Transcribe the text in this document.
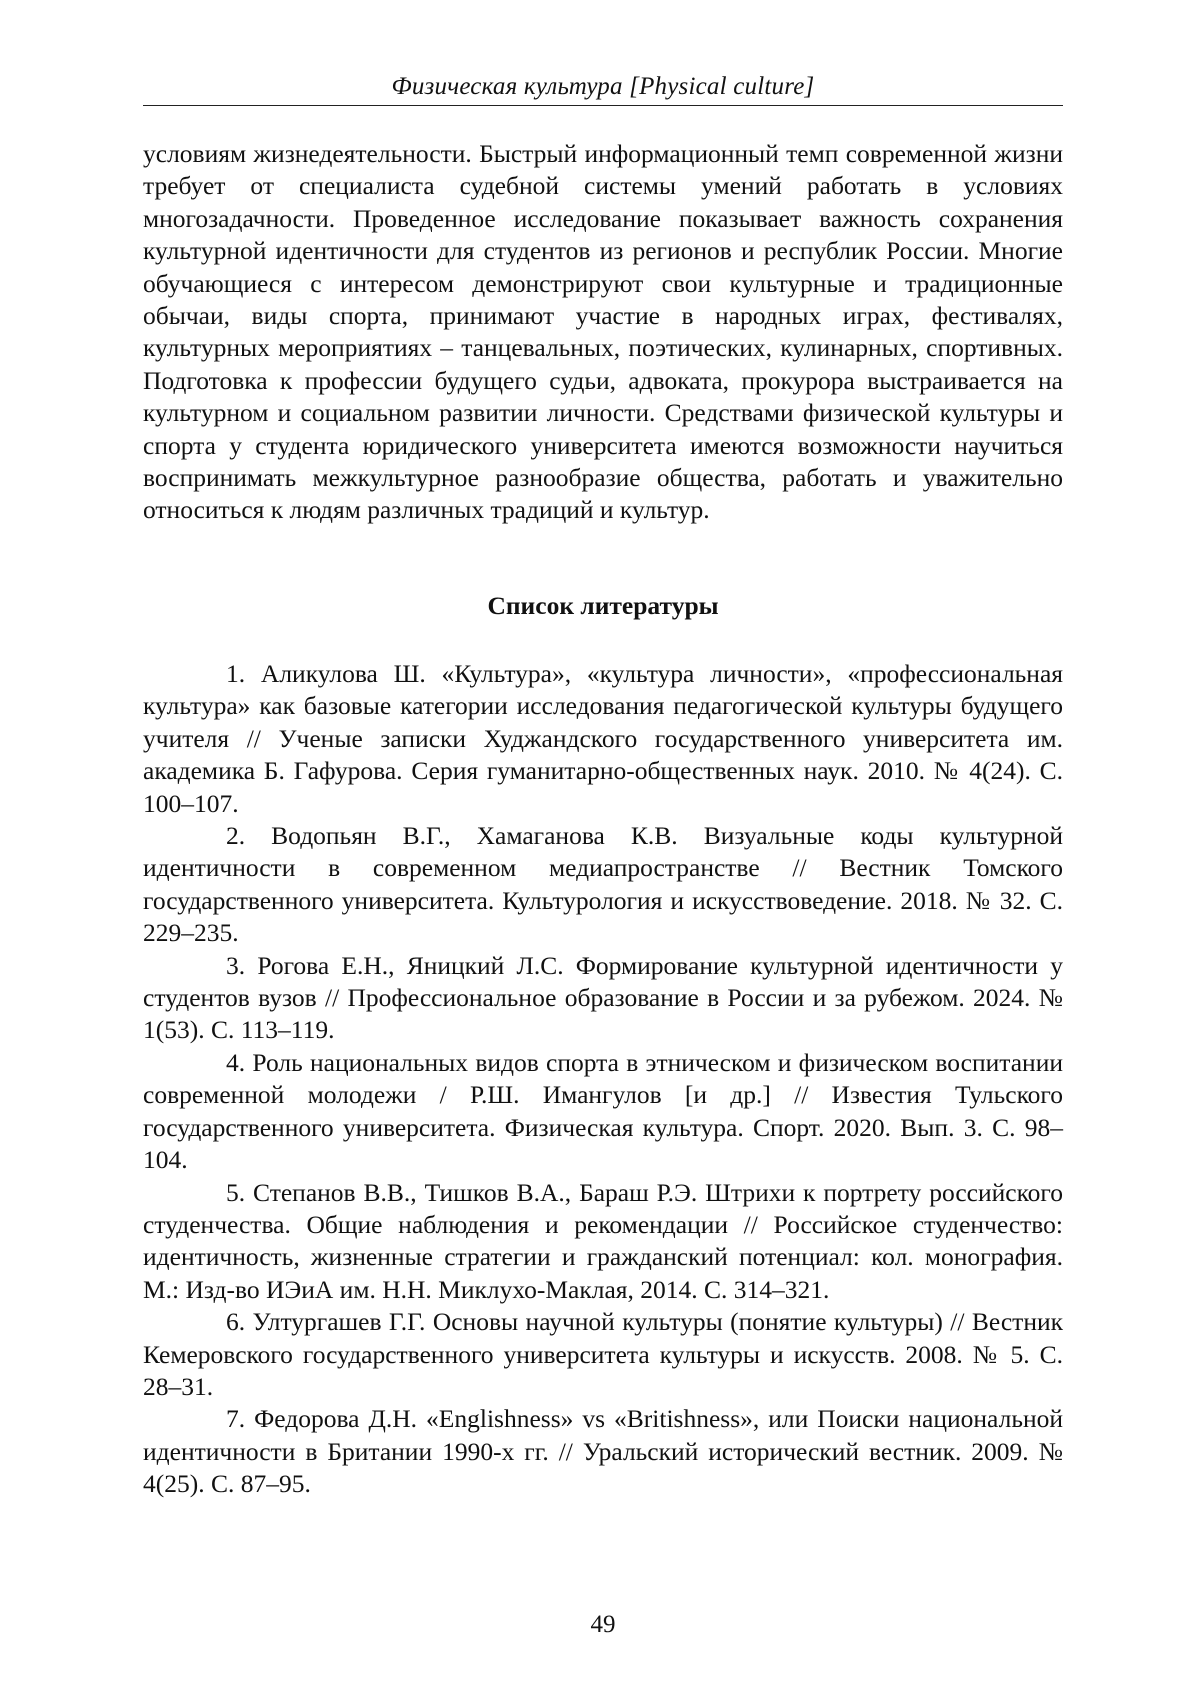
Физическая культура [Physical culture]

условиям жизнедеятельности. Быстрый информационный темп современной жизни требует от специалиста судебной системы умений работать в условиях многозадачности. Проведенное исследование показывает важность сохранения культурной идентичности для студентов из регионов и республик России. Многие обучающиеся с интересом демонстрируют свои культурные и традиционные обычаи, виды спорта, принимают участие в народных играх, фестивалях, культурных мероприятиях – танцевальных, поэтических, кулинарных, спортивных. Подготовка к профессии будущего судьи, адвоката, прокурора выстраивается на культурном и социальном развитии личности. Средствами физической культуры и спорта у студента юридического университета имеются возможности научиться воспринимать межкультурное разнообразие общества, работать и уважительно относиться к людям различных традиций и культур.

Список литературы

1. Аликулова Ш. «Культура», «культура личности», «профессиональная культура» как базовые категории исследования педагогической культуры будущего учителя // Ученые записки Худжандского государственного университета им. академика Б. Гафурова. Серия гуманитарно-общественных наук. 2010. № 4(24). С. 100–107.

2. Водопьян В.Г., Хамаганова К.В. Визуальные коды культурной идентичности в современном медиапространстве // Вестник Томского государственного университета. Культурология и искусствоведение. 2018. № 32. С. 229–235.

3. Рогова Е.Н., Яницкий Л.С. Формирование культурной идентичности у студентов вузов // Профессиональное образование в России и за рубежом. 2024. № 1(53). С. 113–119.

4. Роль национальных видов спорта в этническом и физическом воспитании современной молодежи / Р.Ш. Имангулов [и др.] // Известия Тульского государственного университета. Физическая культура. Спорт. 2020. Вып. 3. С. 98–104.

5. Степанов В.В., Тишков В.А., Бараш Р.Э. Штрихи к портрету российского студенчества. Общие наблюдения и рекомендации // Российское студенчество: идентичность, жизненные стратегии и гражданский потенциал: кол. монография. М.: Изд-во ИЭиА им. Н.Н. Миклухо-Маклая, 2014. С. 314–321.

6. Ултургашев Г.Г. Основы научной культуры (понятие культуры) // Вестник Кемеровского государственного университета культуры и искусств. 2008. № 5. С. 28–31.

7. Федорова Д.Н. «Englishness» vs «Britishness», или Поиски национальной идентичности в Британии 1990-х гг. // Уральский исторический вестник. 2009. № 4(25). С. 87–95.

49
